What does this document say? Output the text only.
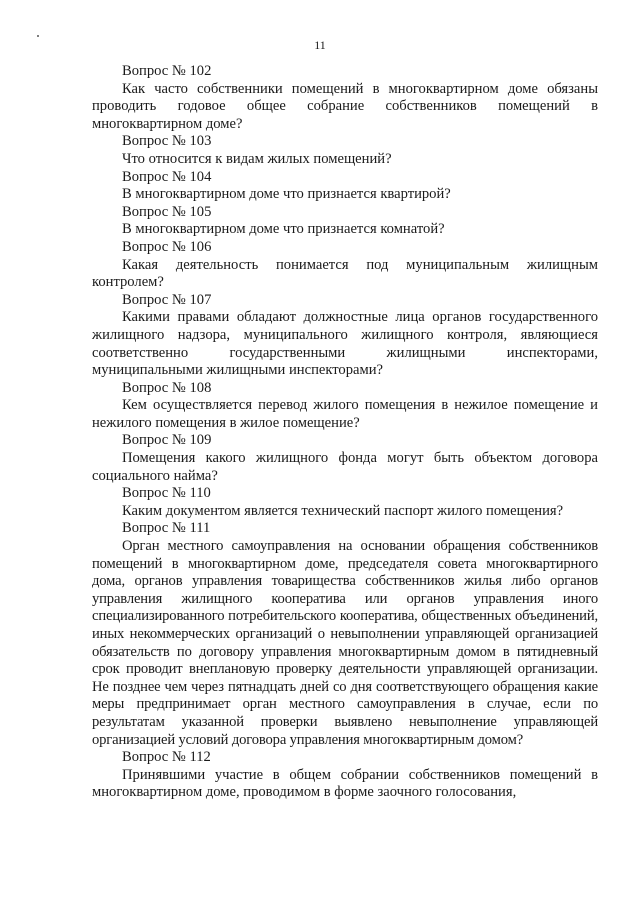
11

Вопрос № 102

Как часто собственники помещений в многоквартирном доме обязаны проводить годовое общее собрание собственников помещений в многоквартирном доме?

Вопрос № 103

Что относится к видам жилых помещений?

Вопрос № 104

В многоквартирном доме что признается квартирой?

Вопрос № 105

В многоквартирном доме что признается комнатой?

Вопрос № 106

Какая деятельность понимается под муниципальным жилищным контролем?

Вопрос № 107

Какими правами обладают должностные лица органов государственного жилищного надзора, муниципального жилищного контроля, являющиеся соответственно государственными жилищными инспекторами, муниципальными жилищными инспекторами?

Вопрос № 108

Кем осуществляется перевод жилого помещения в нежилое помещение и нежилого помещения в жилое помещение?

Вопрос № 109

Помещения какого жилищного фонда могут быть объектом договора социального найма?

Вопрос № 110

Каким документом является технический паспорт жилого помещения?

Вопрос № 111

Орган местного самоуправления на основании обращения собственников помещений в многоквартирном доме, председателя совета многоквартирного дома, органов управления товарищества собственников жилья либо органов управления жилищного кооператива или органов управления иного специализированного потребительского кооператива, общественных объединений, иных некоммерческих организаций о невыполнении управляющей организацией обязательств по договору управления многоквартирным домом в пятидневный срок проводит внеплановую проверку деятельности управляющей организации. Не позднее чем через пятнадцать дней со дня соответствующего обращения какие меры предпринимает орган местного самоуправления в случае, если по результатам указанной проверки выявлено невыполнение управляющей организацией условий договора управления многоквартирным домом?

Вопрос № 112

Принявшими участие в общем собрании собственников помещений в многоквартирном доме, проводимом в форме заочного голосования,
